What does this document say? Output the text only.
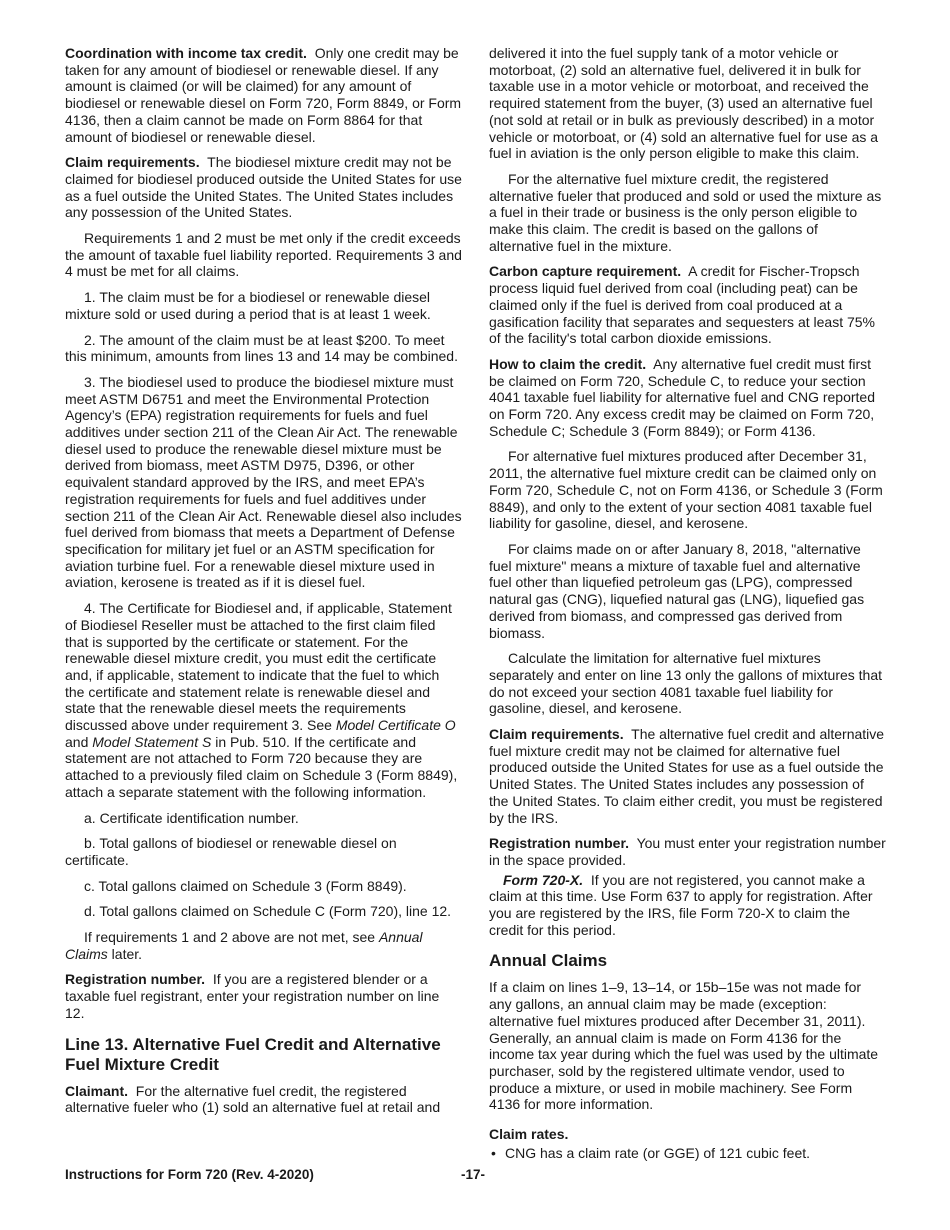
Coordination with income tax credit. Only one credit may be taken for any amount of biodiesel or renewable diesel. If any amount is claimed (or will be claimed) for any amount of biodiesel or renewable diesel on Form 720, Form 8849, or Form 4136, then a claim cannot be made on Form 8864 for that amount of biodiesel or renewable diesel.

Claim requirements. The biodiesel mixture credit may not be claimed for biodiesel produced outside the United States for use as a fuel outside the United States. The United States includes any possession of the United States.

Requirements 1 and 2 must be met only if the credit exceeds the amount of taxable fuel liability reported. Requirements 3 and 4 must be met for all claims.

1. The claim must be for a biodiesel or renewable diesel mixture sold or used during a period that is at least 1 week.

2. The amount of the claim must be at least $200. To meet this minimum, amounts from lines 13 and 14 may be combined.

3. The biodiesel used to produce the biodiesel mixture must meet ASTM D6751 and meet the Environmental Protection Agency’s (EPA) registration requirements for fuels and fuel additives under section 211 of the Clean Air Act. The renewable diesel used to produce the renewable diesel mixture must be derived from biomass, meet ASTM D975, D396, or other equivalent standard approved by the IRS, and meet EPA’s registration requirements for fuels and fuel additives under section 211 of the Clean Air Act. Renewable diesel also includes fuel derived from biomass that meets a Department of Defense specification for military jet fuel or an ASTM specification for aviation turbine fuel. For a renewable diesel mixture used in aviation, kerosene is treated as if it is diesel fuel.

4. The Certificate for Biodiesel and, if applicable, Statement of Biodiesel Reseller must be attached to the first claim filed that is supported by the certificate or statement. For the renewable diesel mixture credit, you must edit the certificate and, if applicable, statement to indicate that the fuel to which the certificate and statement relate is renewable diesel and state that the renewable diesel meets the requirements discussed above under requirement 3. See Model Certificate O and Model Statement S in Pub. 510. If the certificate and statement are not attached to Form 720 because they are attached to a previously filed claim on Schedule 3 (Form 8849), attach a separate statement with the following information.

a. Certificate identification number.

b. Total gallons of biodiesel or renewable diesel on certificate.

c. Total gallons claimed on Schedule 3 (Form 8849).

d. Total gallons claimed on Schedule C (Form 720), line 12.

If requirements 1 and 2 above are not met, see Annual Claims later.

Registration number. If you are a registered blender or a taxable fuel registrant, enter your registration number on line 12.

Line 13. Alternative Fuel Credit and Alternative Fuel Mixture Credit

Claimant. For the alternative fuel credit, the registered alternative fueler who (1) sold an alternative fuel at retail and

delivered it into the fuel supply tank of a motor vehicle or motorboat, (2) sold an alternative fuel, delivered it in bulk for taxable use in a motor vehicle or motorboat, and received the required statement from the buyer, (3) used an alternative fuel (not sold at retail or in bulk as previously described) in a motor vehicle or motorboat, or (4) sold an alternative fuel for use as a fuel in aviation is the only person eligible to make this claim.

For the alternative fuel mixture credit, the registered alternative fueler that produced and sold or used the mixture as a fuel in their trade or business is the only person eligible to make this claim. The credit is based on the gallons of alternative fuel in the mixture.

Carbon capture requirement. A credit for Fischer-Tropsch process liquid fuel derived from coal (including peat) can be claimed only if the fuel is derived from coal produced at a gasification facility that separates and sequesters at least 75% of the facility's total carbon dioxide emissions.

How to claim the credit. Any alternative fuel credit must first be claimed on Form 720, Schedule C, to reduce your section 4041 taxable fuel liability for alternative fuel and CNG reported on Form 720. Any excess credit may be claimed on Form 720, Schedule C; Schedule 3 (Form 8849); or Form 4136.

For alternative fuel mixtures produced after December 31, 2011, the alternative fuel mixture credit can be claimed only on Form 720, Schedule C, not on Form 4136, or Schedule 3 (Form 8849), and only to the extent of your section 4081 taxable fuel liability for gasoline, diesel, and kerosene.

For claims made on or after January 8, 2018, "alternative fuel mixture" means a mixture of taxable fuel and alternative fuel other than liquefied petroleum gas (LPG), compressed natural gas (CNG), liquefied natural gas (LNG), liquefied gas derived from biomass, and compressed gas derived from biomass.

Calculate the limitation for alternative fuel mixtures separately and enter on line 13 only the gallons of mixtures that do not exceed your section 4081 taxable fuel liability for gasoline, diesel, and kerosene.

Claim requirements. The alternative fuel credit and alternative fuel mixture credit may not be claimed for alternative fuel produced outside the United States for use as a fuel outside the United States. The United States includes any possession of the United States. To claim either credit, you must be registered by the IRS.

Registration number. You must enter your registration number in the space provided.

Form 720-X. If you are not registered, you cannot make a claim at this time. Use Form 637 to apply for registration. After you are registered by the IRS, file Form 720-X to claim the credit for this period.

Annual Claims

If a claim on lines 1–9, 13–14, or 15b–15e was not made for any gallons, an annual claim may be made (exception: alternative fuel mixtures produced after December 31, 2011). Generally, an annual claim is made on Form 4136 for the income tax year during which the fuel was used by the ultimate purchaser, sold by the registered ultimate vendor, used to produce a mixture, or used in mobile machinery. See Form 4136 for more information.

Claim rates.
• CNG has a claim rate (or GGE) of 121 cubic feet.
Instructions for Form 720 (Rev. 4-2020)	-17-
